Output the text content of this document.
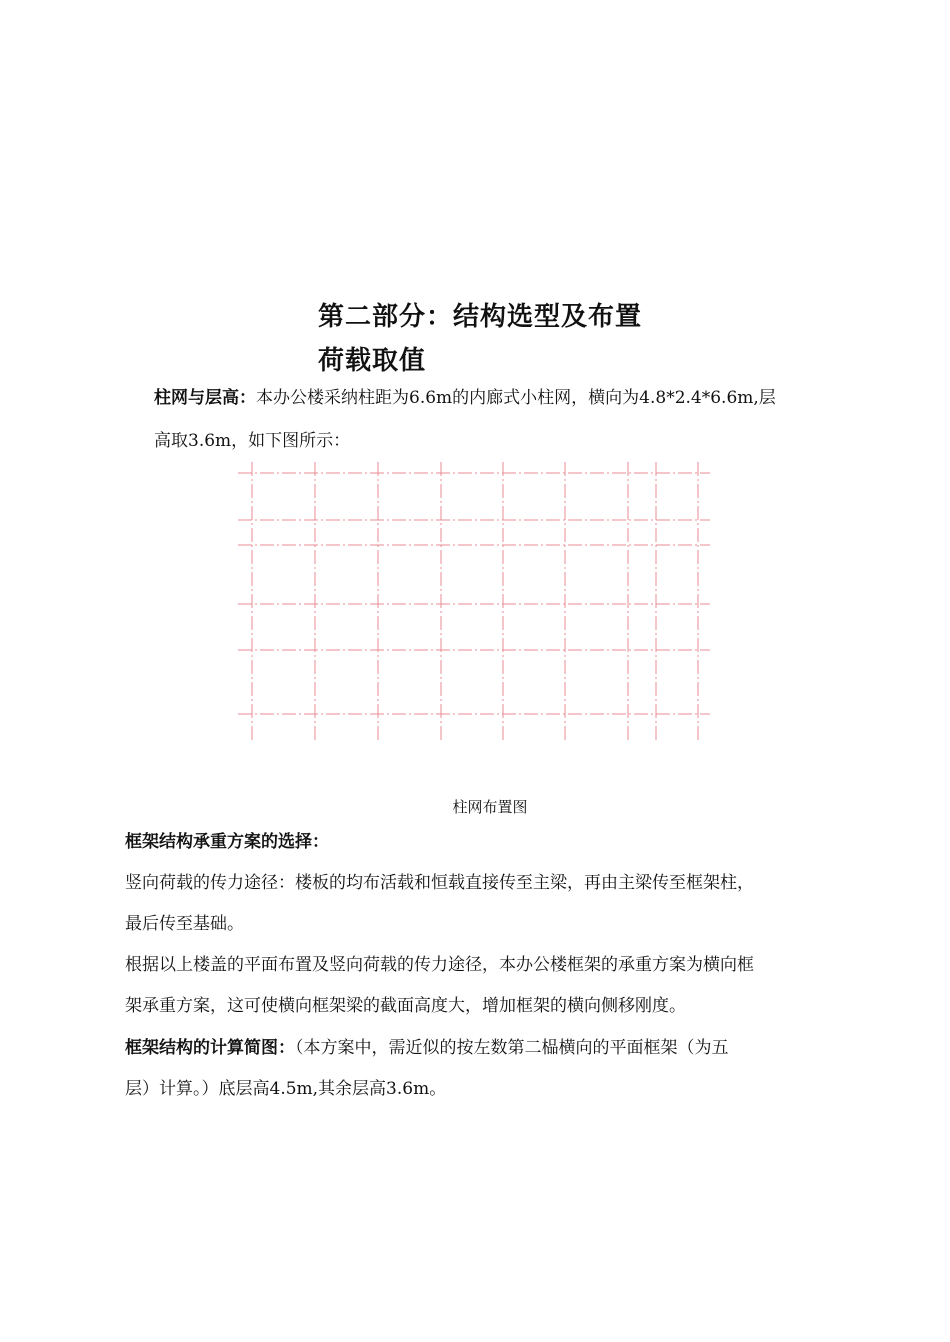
第二部分：结构选型及布置
荷载取值
柱网与层高：本办公楼采纳柱距为6.6m的内廊式小柱网，横向为4.8*2.4*6.6m,层
高取3.6m，如下图所示：
柱网布置图
框架结构承重方案的选择：
竖向荷载的传力途径：楼板的均布活载和恒载直接传至主梁，再由主梁传至框架柱，
最后传至基础。
根据以上楼盖的平面布置及竖向荷载的传力途径，本办公楼框架的承重方案为横向框
架承重方案，这可使横向框架梁的截面高度大，增加框架的横向侧移刚度。
框架结构的计算简图：（本方案中，需近似的按左数第二榀横向的平面框架（为五
层）计算。）底层高4.5m,其余层高3.6m。
